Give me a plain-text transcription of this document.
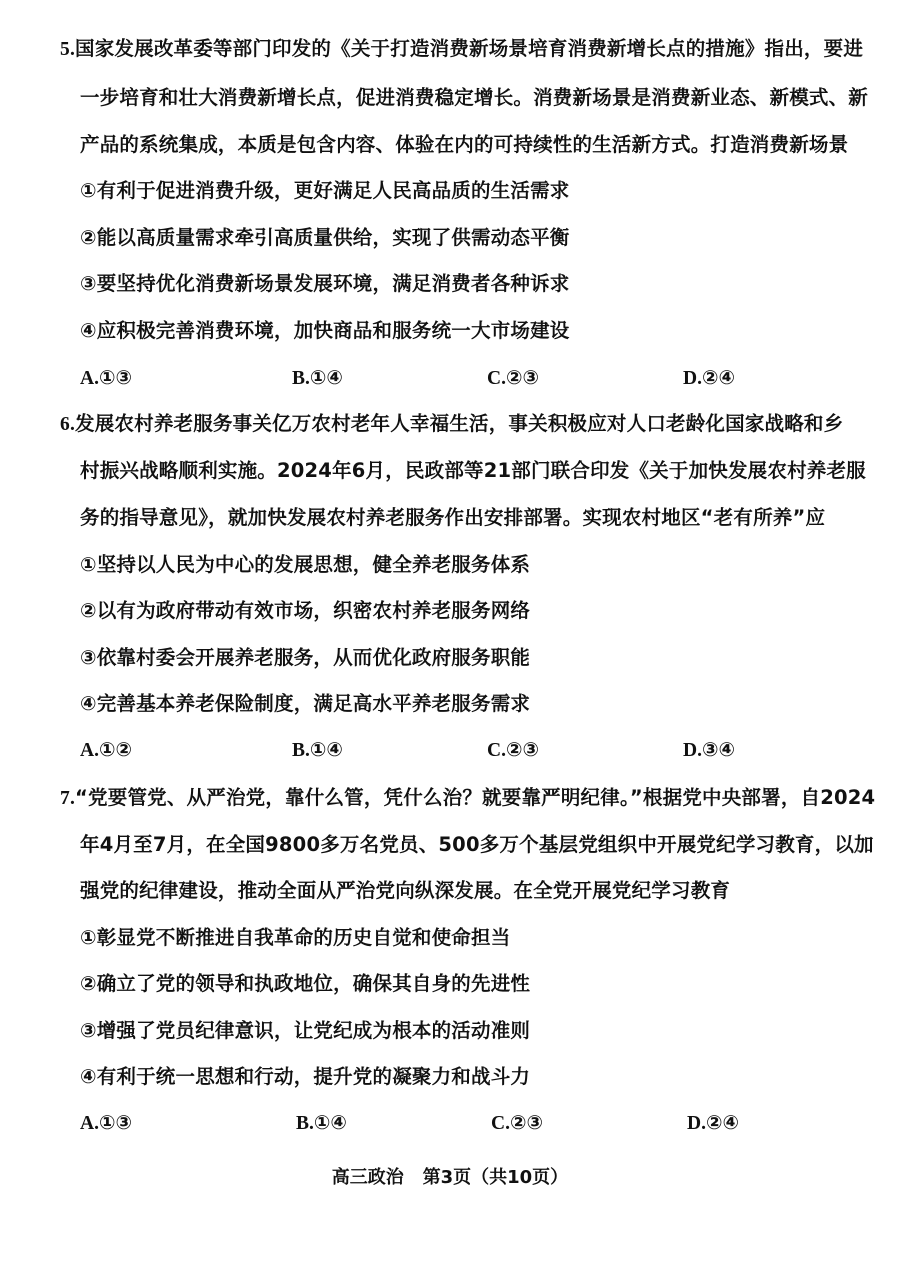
5.国家发展改革委等部门印发的《关于打造消费新场景培育消费新增长点的措施》指出，要进
一步培育和壮大消费新增长点，促进消费稳定增长。消费新场景是消费新业态、新模式、新
产品的系统集成，本质是包含内容、体验在内的可持续性的生活新方式。打造消费新场景
①有利于促进消费升级，更好满足人民高品质的生活需求
②能以高质量需求牵引高质量供给，实现了供需动态平衡
③要坚持优化消费新场景发展环境，满足消费者各种诉求
④应积极完善消费环境，加快商品和服务统一大市场建设
A.①③	B.①④	C.②③	D.②④
6.发展农村养老服务事关亿万农村老年人幸福生活，事关积极应对人口老龄化国家战略和乡
村振兴战略顺利实施。2024年6月，民政部等21部门联合印发《关于加快发展农村养老服
务的指导意见》，就加快发展农村养老服务作出安排部署。实现农村地区“老有所养”应
①坚持以人民为中心的发展思想，健全养老服务体系
②以有为政府带动有效市场，织密农村养老服务网络
③依靠村委会开展养老服务，从而优化政府服务职能
④完善基本养老保险制度，满足高水平养老服务需求
A.①②	B.①④	C.②③	D.③④
7.“党要管党、从严治党，靠什么管，凭什么治？就要靠严明纪律。”根据党中央部署，自2024
年4月至7月，在全国9800多万名党员、500多万个基层党组织中开展党纪学习教育，以加
强党的纪律建设，推动全面从严治党向纵深发展。在全党开展党纪学习教育
①彰显党不断推进自我革命的历史自觉和使命担当
②确立了党的领导和执政地位，确保其自身的先进性
③增强了党员纪律意识，让党纪成为根本的活动准则
④有利于统一思想和行动，提升党的凝聚力和战斗力
A.①③	B.①④	C.②③	D.②④
高三政治 第3页（共10页）
